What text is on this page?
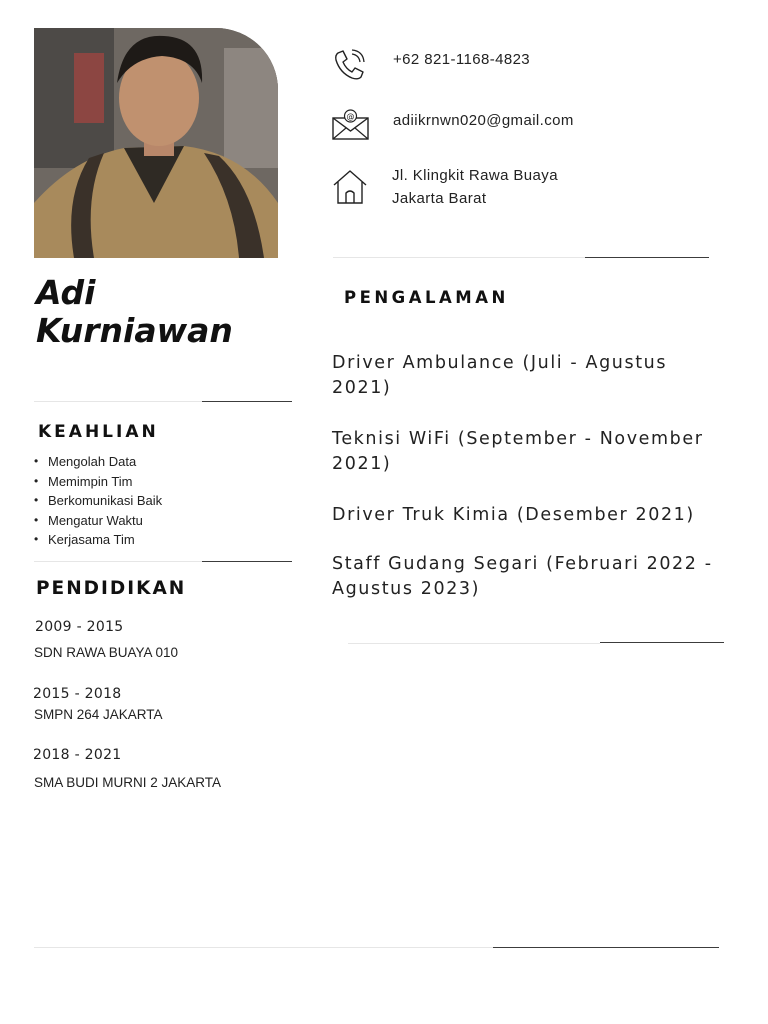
Adi
Kurniawan
KEAHLIAN
• Mengolah Data
• Memimpin Tim
• Berkomunikasi Baik
• Mengatur Waktu
• Kerjasama Tim
PENDIDIKAN
2009 - 2015
SDN RAWA BUAYA 010
2015 - 2018
SMPN 264 JAKARTA
2018 - 2021
SMA BUDI MURNI 2 JAKARTA
+62 821-1168-4823
@	adiikrnwn020@gmail.com
Jl. Klingkit Rawa Buaya
Jakarta Barat
PENGALAMAN
Driver Ambulance (Juli - Agustus 2021)
Teknisi WiFi (September - November 2021)
Driver Truk Kimia (Desember 2021)
Staff Gudang Segari (Februari 2022 - Agustus 2023)
